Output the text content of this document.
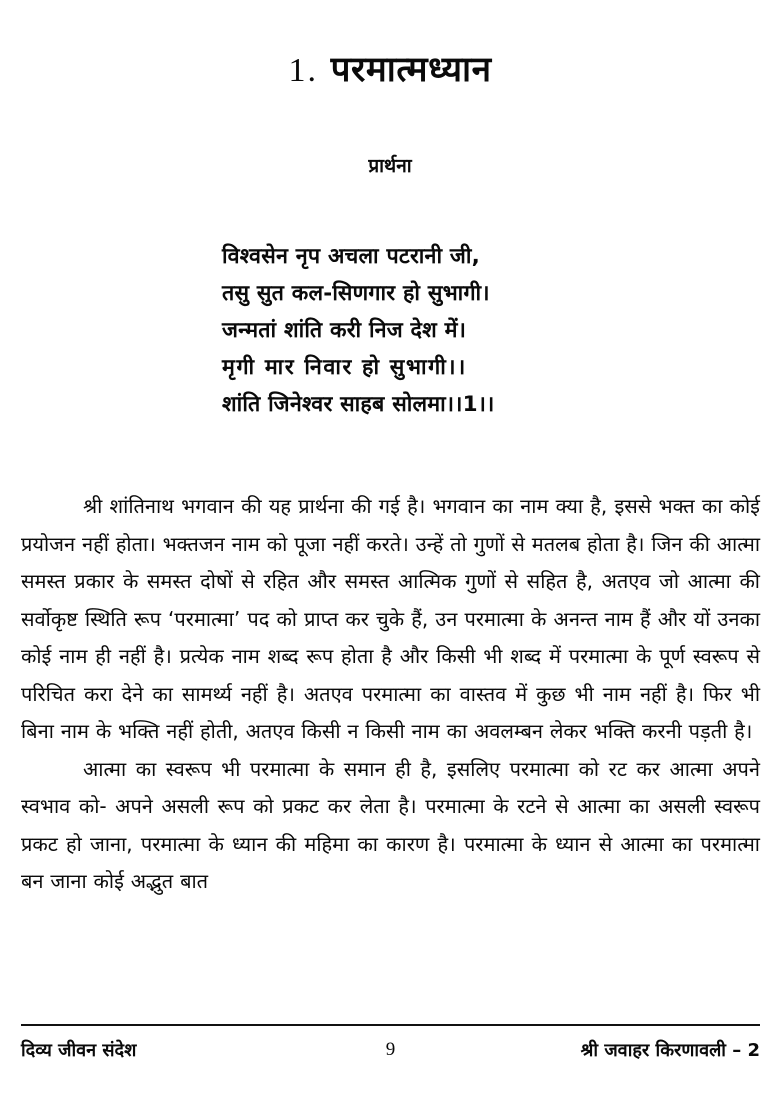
1. परमात्मध्यान
प्रार्थना
विश्वसेन नृप अचला पटरानी जी,
तसु सुत कल-सिणगार हो सुभागी।
जन्मतां शांति करी निज देश में।
मृगी मार निवार हो सुभागी।।
शांति जिनेश्वर साहब सोलमा।।1।।

श्री शांतिनाथ भगवान की यह प्रार्थना की गई है। भगवान का नाम क्या है, इससे भक्त का कोई प्रयोजन नहीं होता। भक्तजन नाम को पूजा नहीं करते। उन्हें तो गुणों से मतलब होता है। जिन की आत्मा समस्त प्रकार के समस्त दोषों से रहित और समस्त आत्मिक गुणों से सहित है, अतएव जो आत्मा की सर्वोकृष्ट स्थिति रूप ‘परमात्मा’ पद को प्राप्त कर चुके हैं, उन परमात्मा के अनन्त नाम हैं और यों उनका कोई नाम ही नहीं है। प्रत्येक नाम शब्द रूप होता है और किसी भी शब्द में परमात्मा के पूर्ण स्वरूप से परिचित करा देने का सामर्थ्य नहीं है। अतएव परमात्मा का वास्तव में कुछ भी नाम नहीं है। फिर भी बिना नाम के भक्ति नहीं होती, अतएव किसी न किसी नाम का अवलम्बन लेकर भक्ति करनी पड़ती है।

आत्मा का स्वरूप भी परमात्मा के समान ही है, इसलिए परमात्मा को रट कर आत्मा अपने स्वभाव को- अपने असली रूप को प्रकट कर लेता है। परमात्मा के रटने से आत्मा का असली स्वरूप प्रकट हो जाना, परमात्मा के ध्यान की महिमा का कारण है। परमात्मा के ध्यान से आत्मा का परमात्मा बन जाना कोई अद्भुत बात

दिव्य जीवन संदेश	9	श्री जवाहर किरणावली – 2
